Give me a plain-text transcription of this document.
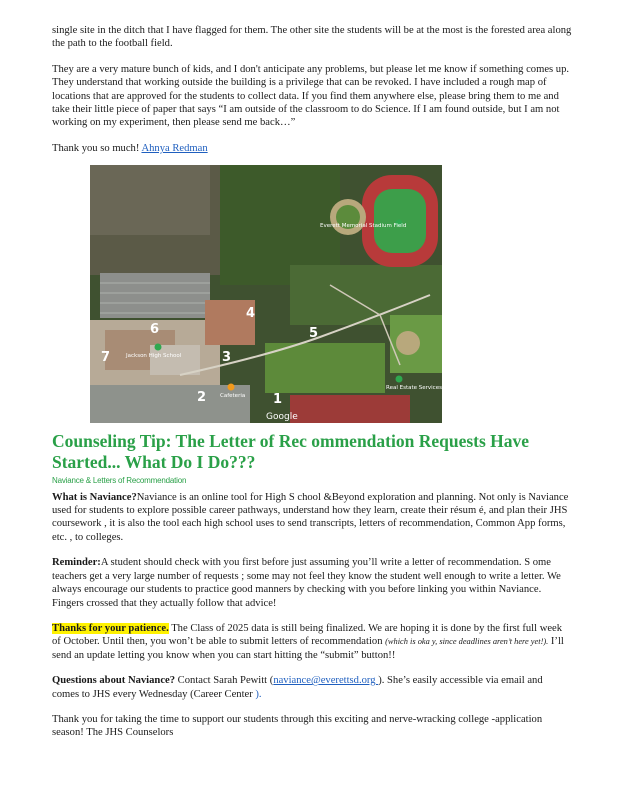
single site in the ditch that I have flagged for them. The other site the students will be at the most is the forested area along the path to the football field.

They are a very mature bunch of kids, and I don't anticipate any problems, but please let me know if something comes up. They understand that working outside the building is a privilege that can be revoked. I have included a rough map of locations that are approved for the students to collect data. If you find them anywhere else, please bring them to me and take their little piece of paper that says “I am outside of the classroom to do Science. If I am found outside, but I am not working on my experiment, then please send me back…”

Thank you so much! Ahnya Redman

1
2
3
4
5
6
7
Everett Memorial Stadium Field
Jackson High School
Cafeteria
Real Estate Services
Google
Counseling Tip: The Letter of Rec ommendation Requests Have Started... What Do I Do???
Naviance & Letters of Recommendation

What is Naviance?Naviance is an online tool for High S chool &Beyond exploration and planning. Not only is Naviance used for students to explore possible career pathways, understand how they learn, create their résum é, and plan their JHS coursework , it is also the tool each high school uses to send transcripts, letters of recommendation, Common App forms, etc. , to colleges.

Reminder:A student should check with you first before just assuming you’ll write a letter of recommendation. S ome teachers get a very large number of requests ; some may not feel they know the student well enough to write a letter. We always encourage our students to practice good manners by checking with you before linking you within Naviance. Fingers crossed that they actually follow that advice!

Thanks for your patience. The Class of 2025 data is still being finalized. We are hoping it is done by the first full week of October. Until then, you won’t be able to submit letters of recommendation (which is oka y, since deadlines aren’t here yet!). I’ll send an update letting you know when you can start hitting the “submit” button!!

Questions about Naviance? Contact Sarah Pewitt (naviance@everettsd.org ). She’s easily accessible via email and comes to JHS every Wednesday (Career Center ).

Thank you for taking the time to support our students through this exciting and nerve-wracking college -application season! The JHS Counselors
